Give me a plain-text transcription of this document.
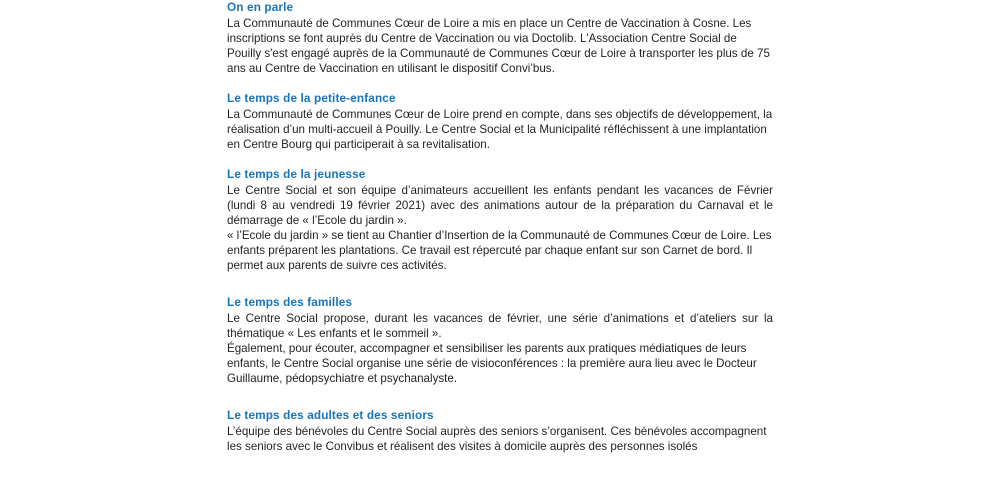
On en parle

La Communauté de Communes Cœur de Loire a mis en place un Centre de Vaccination à Cosne. Les inscriptions se font auprès du Centre de Vaccination ou via Doctolib. L'Association Centre Social de Pouilly s'est engagé auprès de la Communauté de Communes Cœur de Loire à transporter les plus de 75 ans au Centre de Vaccination en utilisant le dispositif Convi’bus.

Le temps de la petite-enfance

La Communauté de Communes Cœur de Loire prend en compte, dans ses objectifs de développement, la réalisation d’un multi-accueil à Pouilly. Le Centre Social et la Municipalité réfléchissent à une implantation en Centre Bourg qui participerait à sa revitalisation.

Le temps de la jeunesse

Le Centre Social et son équipe d’animateurs accueillent les enfants pendant les vacances de Février (lundi 8 au vendredi 19 février 2021) avec des animations autour de la préparation du Carnaval et le démarrage de « l’Ecole du jardin ».

« l’Ecole du jardin » se tient au Chantier d’Insertion de la Communauté de Communes Cœur de Loire. Les enfants préparent les plantations. Ce travail est répercuté par chaque enfant sur son Carnet de bord. Il permet aux parents de suivre ces activités.

Le temps des familles

Le Centre Social propose, durant les vacances de février, une série d’animations et d’ateliers sur la thématique « Les enfants et le sommeil ».

Également, pour écouter, accompagner et sensibiliser les parents aux pratiques médiatiques de leurs enfants, le Centre Social organise une série de visioconférences : la première aura lieu avec le Docteur Guillaume, pédopsychiatre et psychanalyste.

Le temps des adultes et des seniors

L’équipe des bénévoles du Centre Social auprès des seniors s’organisent. Ces bénévoles accompagnent les seniors avec le Convibus et réalisent des visites à domicile auprès des personnes isolés
